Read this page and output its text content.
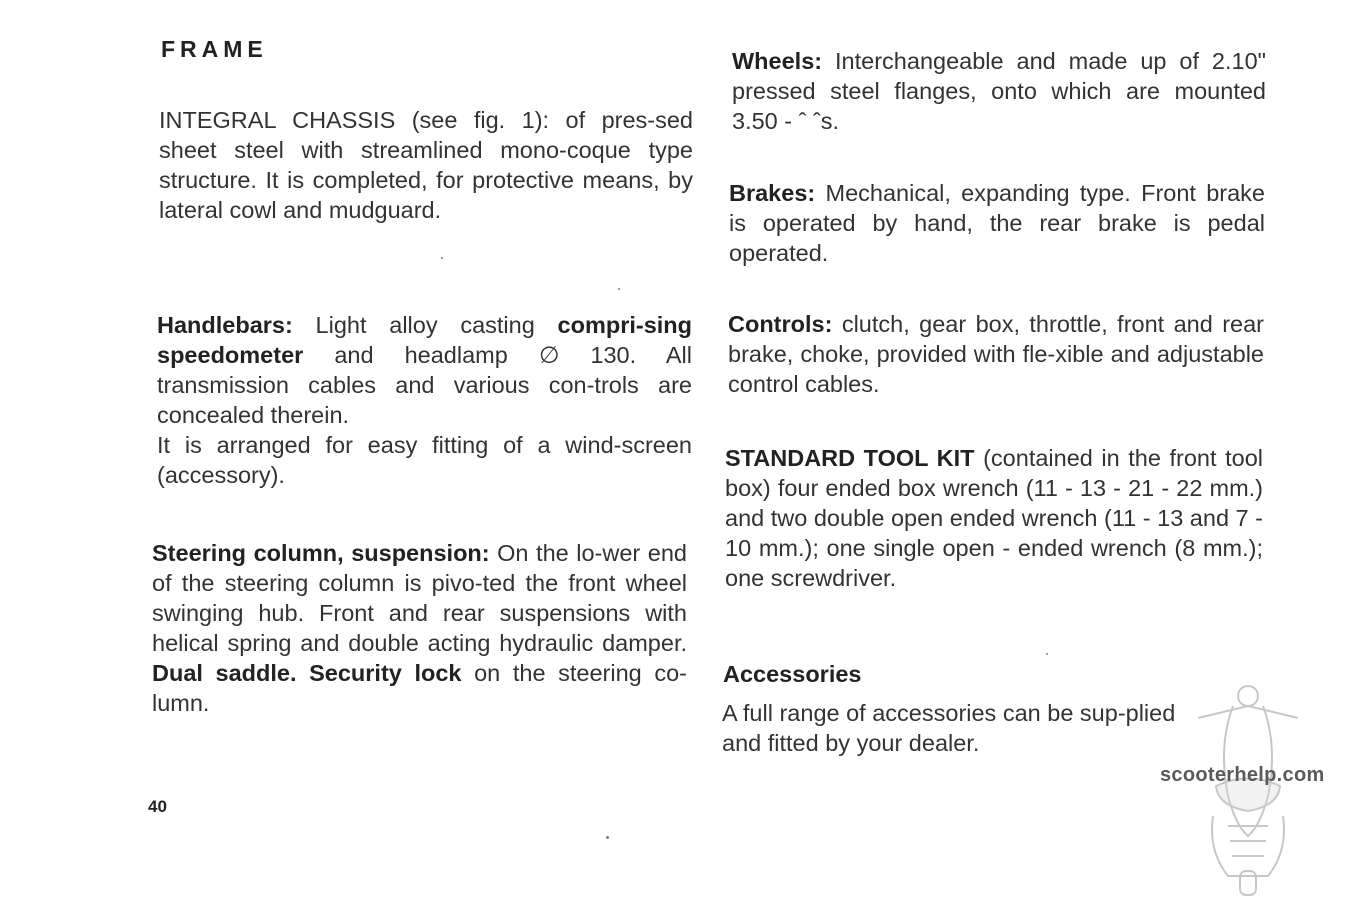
FRAME

INTEGRAL CHASSIS (see fig. 1): of pres-sed sheet steel with streamlined mono-coque type structure. It is completed, for protective means, by lateral cowl and mudguard.

Handlebars: Light alloy casting compri-sing speedometer and headlamp ∅ 130. All transmission cables and various con-trols are concealed therein.
It is arranged for easy fitting of a wind-screen (accessory).

Steering column, suspension: On the lo-wer end of the steering column is pivo-ted the front wheel swinging hub. Front and rear suspensions with helical spring and double acting hydraulic damper. Dual saddle. Security lock on the steering co-lumn.

40

Wheels: Interchangeable and made up of 2.10" pressed steel flanges, onto which are mounted 3.50 - ˆ ˆs.

Brakes: Mechanical, expanding type. Front brake is operated by hand, the rear brake is pedal operated.

Controls: clutch, gear box, throttle, front and rear brake, choke, provided with fle-xible and adjustable control cables.

STANDARD TOOL KIT (contained in the front tool box) four ended box wrench (11 - 13 - 21 - 22 mm.) and two double open ended wrench (11 - 13 and 7 - 10 mm.); one single open - ended wrench (8 mm.); one screwdriver.

Accessories

A full range of accessories can be sup-plied and fitted by your dealer.

scooterhelp.com
